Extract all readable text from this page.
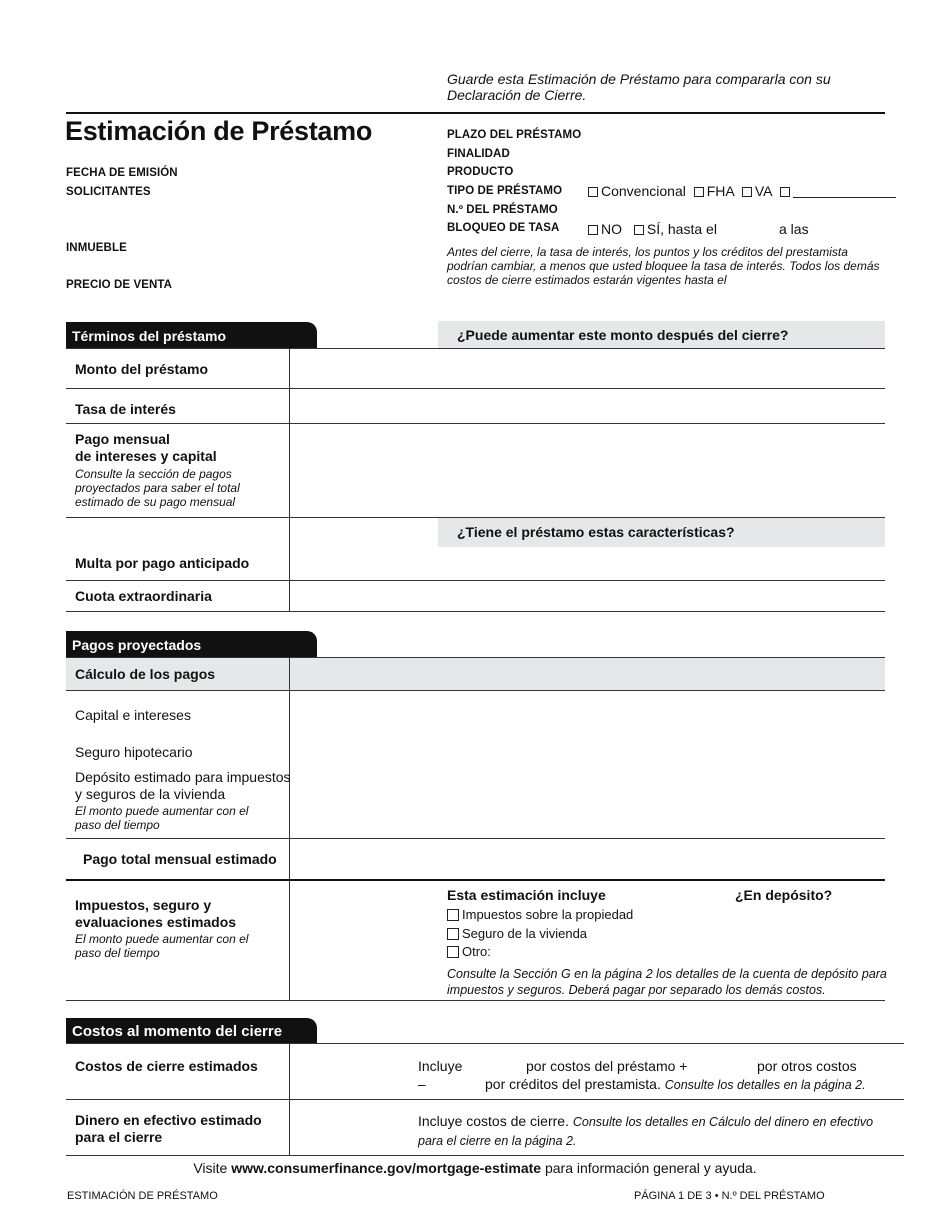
Guarde esta Estimación de Préstamo para compararla con su Declaración de Cierre.
Estimación de Préstamo
FECHA DE EMISIÓN
SOLICITANTES
INMUEBLE
PRECIO DE VENTA
PLAZO DEL PRÉSTAMO
FINALIDAD
PRODUCTO
TIPO DE PRÉSTAMO
N.º DEL PRÉSTAMO
BLOQUEO DE TASA
Convencional FHA VA
NO SÍ, hasta el	a las
Antes del cierre, la tasa de interés, los puntos y los créditos del prestamista podrían cambiar, a menos que usted bloquee la tasa de interés. Todos los demás costos de cierre estimados estarán vigentes hasta el
Términos del préstamo	¿Puede aumentar este monto después del cierre?
Monto del préstamo
Tasa de interés
Pago mensual
de intereses y capital
Consulte la sección de pagos proyectados para saber el total estimado de su pago mensual
¿Tiene el préstamo estas características?
Multa por pago anticipado
Cuota extraordinaria
Pagos proyectados
Cálculo de los pagos
Capital e intereses
Seguro hipotecario
Depósito estimado para impuestos
y seguros de la vivienda
El monto puede aumentar con el paso del tiempo
Pago total mensual estimado
Impuestos, seguro y
evaluaciones estimados
El monto puede aumentar con el paso del tiempo
Esta estimación incluye	¿En depósito?
Impuestos sobre la propiedad
Seguro de la vivienda
Otro:
Consulte la Sección G en la página 2 los detalles de la cuenta de depósito para impuestos y seguros. Deberá pagar por separado los demás costos.
Costos al momento del cierre
Costos de cierre estimados	Incluye	por costos del préstamo +	por otros costos
–	por créditos del prestamista. Consulte los detalles en la página 2.
Dinero en efectivo estimado
para el cierre
Incluye costos de cierre. Consulte los detalles en Cálculo del dinero en efectivo para el cierre en la página 2.
Visite www.consumerfinance.gov/mortgage-estimate para información general y ayuda.
ESTIMACIÓN DE PRÉSTAMO	PÁGINA 1 DE 3 • N.º DEL PRÉSTAMO
